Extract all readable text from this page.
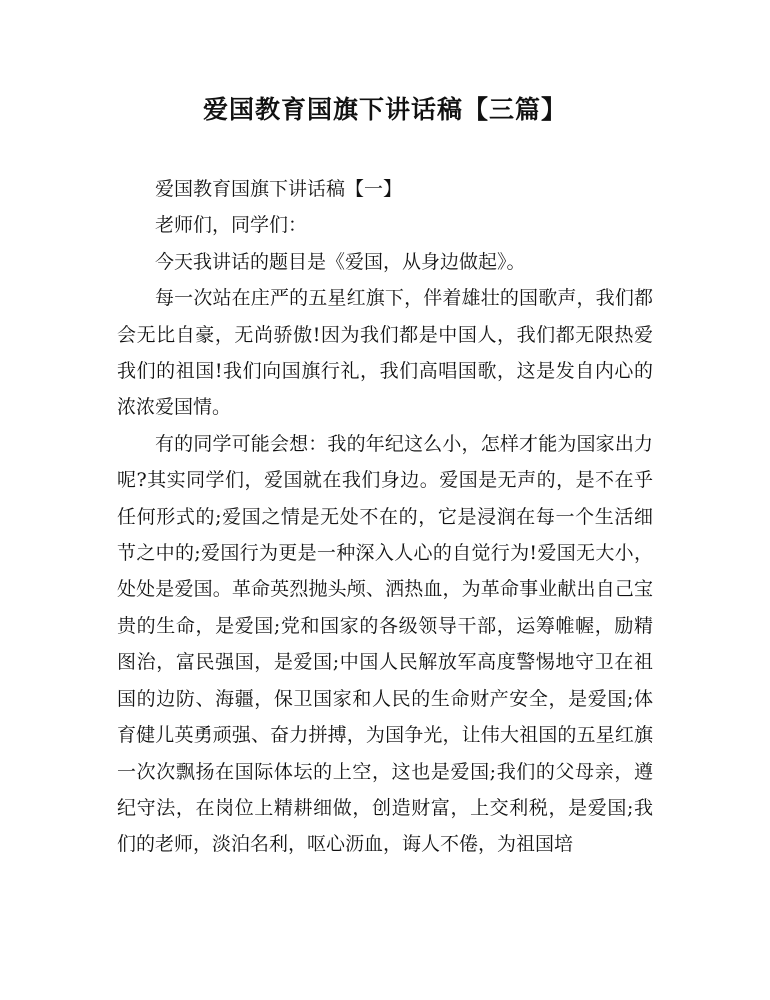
爱国教育国旗下讲话稿【三篇】

爱国教育国旗下讲话稿【一】

老师们，同学们：

今天我讲话的题目是《爱国，从身边做起》。

每一次站在庄严的五星红旗下，伴着雄壮的国歌声，我们都会无比自豪，无尚骄傲!因为我们都是中国人，我们都无限热爱我们的祖国!我们向国旗行礼，我们高唱国歌，这是发自内心的浓浓爱国情。

有的同学可能会想：我的年纪这么小，怎样才能为国家出力呢?其实同学们，爱国就在我们身边。爱国是无声的，是不在乎任何形式的;爱国之情是无处不在的，它是浸润在每一个生活细节之中的;爱国行为更是一种深入人心的自觉行为!爱国无大小，处处是爱国。革命英烈抛头颅、洒热血，为革命事业献出自己宝贵的生命，是爱国;党和国家的各级领导干部，运筹帷幄，励精图治，富民强国，是爱国;中国人民解放军高度警惕地守卫在祖国的边防、海疆，保卫国家和人民的生命财产安全，是爱国;体育健儿英勇顽强、奋力拼搏，为国争光，让伟大祖国的五星红旗一次次飘扬在国际体坛的上空，这也是爱国;我们的父母亲，遵纪守法，在岗位上精耕细做，创造财富，上交利税，是爱国;我们的老师，淡泊名利，呕心沥血，诲人不倦，为祖国培
